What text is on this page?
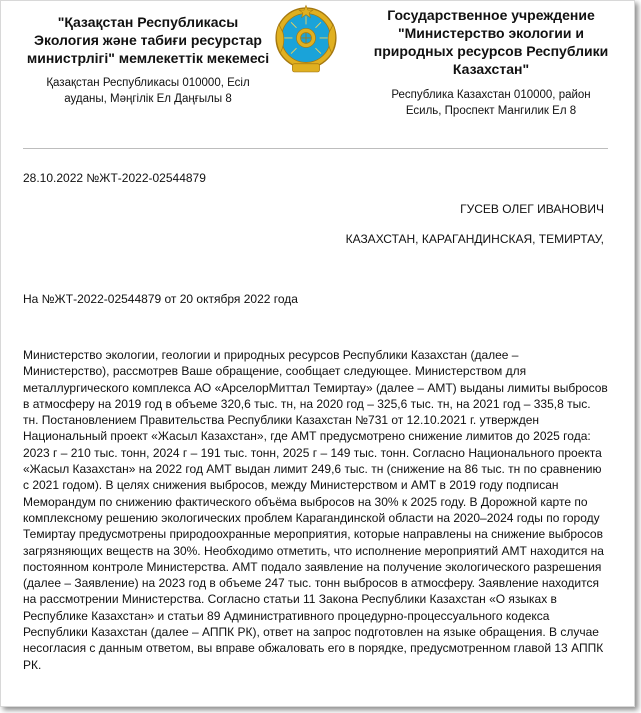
"Қазақстан Республикасы
Экология және табиғи ресурстар
министрлігі" мемлекеттік мекемесі
Қазақстан Республикасы 010000, Есіл
ауданы, Мәңгілік Ел Даңғылы 8
Государственное учреждение
"Министерство экологии и
природных ресурсов Республики
Казахстан"
Республика Казахстан 010000, район
Есиль, Проспект Мангилик Ел 8
28.10.2022 №ЖТ-2022-02544879
ГУСЕВ ОЛЕГ ИВАНОВИЧ
КАЗАХСТАН, КАРАГАНДИНСКАЯ, ТЕМИРТАУ,
На №ЖТ-2022-02544879 от 20 октября 2022 года

Министерство экологии, геологии и природных ресурсов Республики Казахстан (далее – Министерство), рассмотрев Ваше обращение, сообщает следующее. Министерством для металлургического комплекса АО «АрселорМиттал Темиртау» (далее – АМТ) выданы лимиты выбросов в атмосферу на 2019 год в объеме 320,6 тыс. тн, на 2020 год – 325,6 тыс. тн, на 2021 год – 335,8 тыс. тн. Постановлением Правительства Республики Казахстан №731 от 12.10.2021 г. утвержден Национальный проект «Жасыл Казахстан», где АМТ предусмотрено снижение лимитов до 2025 года: 2023 г – 210 тыс. тонн, 2024 г – 191 тыс. тонн, 2025 г – 149 тыс. тонн. Согласно Национального проекта «Жасыл Казахстан» на 2022 год АМТ выдан лимит 249,6 тыс. тн (снижение на 86 тыс. тн по сравнению с 2021 годом). В целях снижения выбросов, между Министерством и АМТ в 2019 году подписан Меморандум по снижению фактического объёма выбросов на 30% к 2025 году. В Дорожной карте по комплексному решению экологических проблем Карагандинской области на 2020–2024 годы по городу Темиртау предусмотрены природоохранные мероприятия, которые направлены на снижение выбросов загрязняющих веществ на 30%. Необходимо отметить, что исполнение мероприятий АМТ находится на постоянном контроле Министерства. АМТ подало заявление на получение экологического разрешения (далее – Заявление) на 2023 год в объеме 247 тыс. тонн выбросов в атмосферу. Заявление находится на рассмотрении Министерства. Согласно статьи 11 Закона Республики Казахстан «О языках в Республике Казахстан» и статьи 89 Административного процедурно-процессуального кодекса Республики Казахстан (далее – АППК РК), ответ на запрос подготовлен на языке обращения. В случае несогласия с данным ответом, вы вправе обжаловать его в порядке, предусмотренном главой 13 АППК РК.
